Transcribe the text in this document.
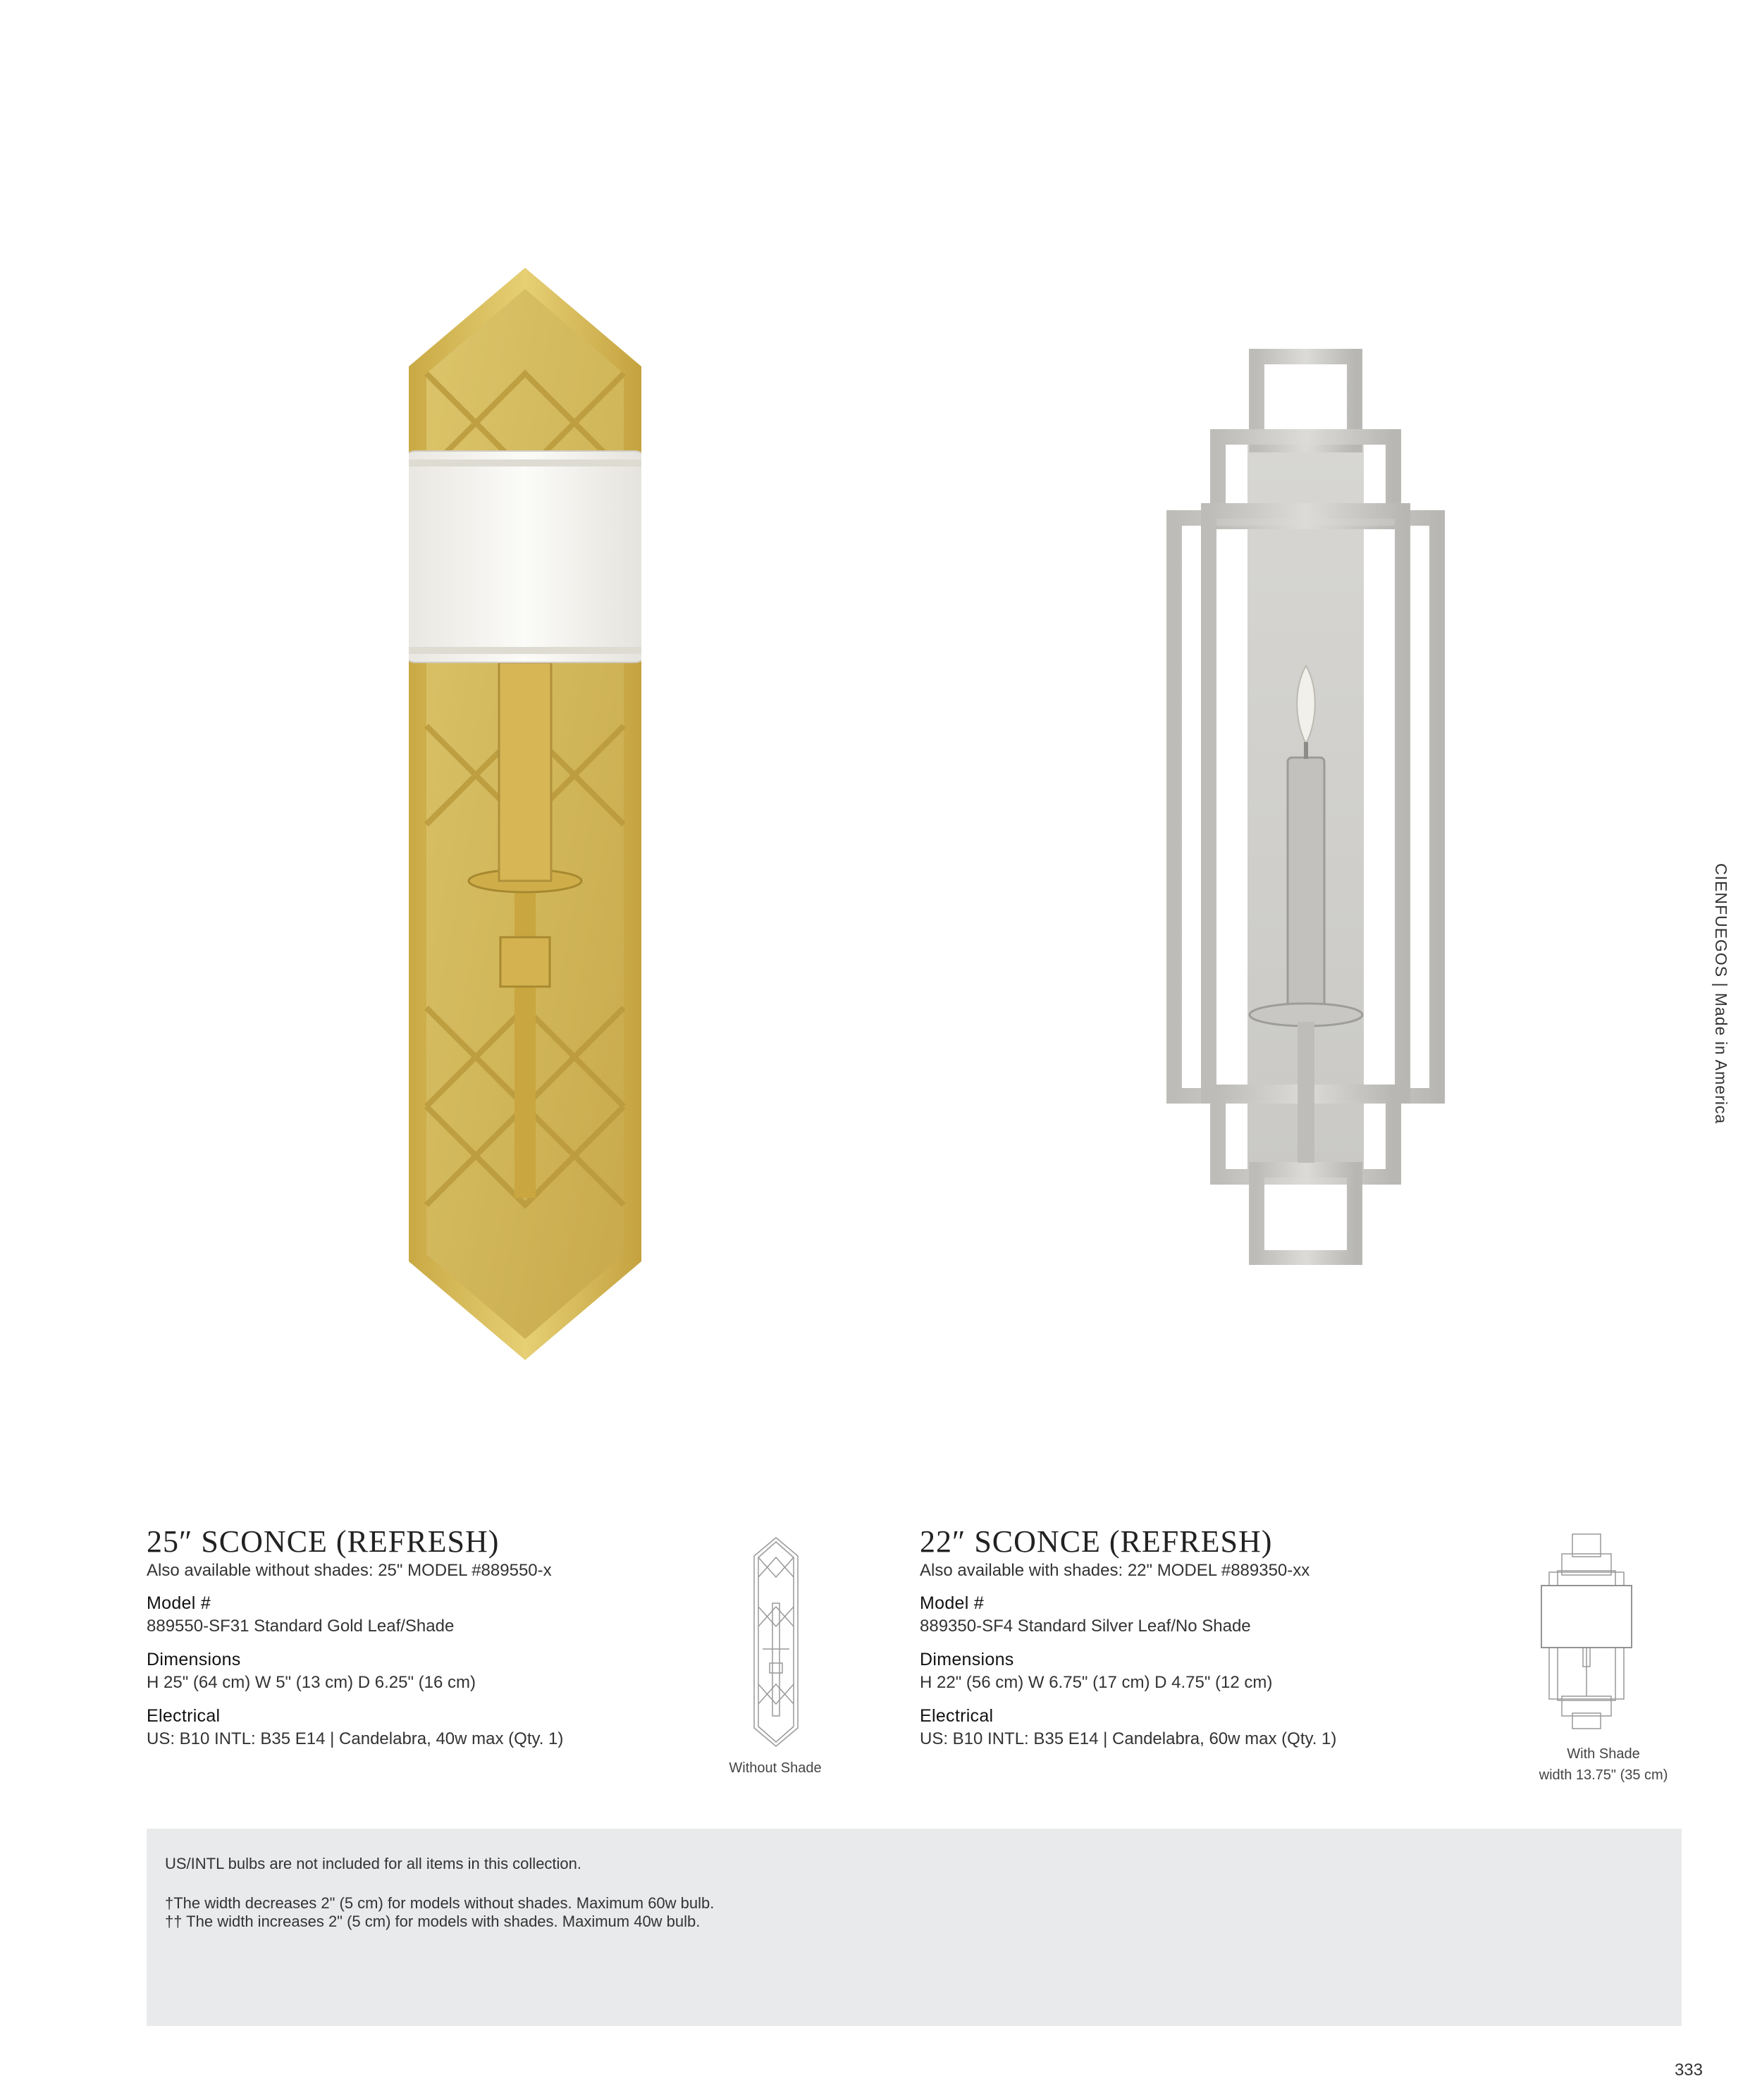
25″ SCONCE (REFRESH)
Also available without shades: 25" MODEL #889550-x
Model #
889550-SF31 Standard Gold Leaf/Shade
Dimensions
H 25" (64 cm) W 5" (13 cm) D 6.25" (16 cm)
Electrical
US: B10 INTL: B35 E14 | Candelabra, 40w max (Qty. 1)
Without Shade
22″ SCONCE (REFRESH)
Also available with shades: 22" MODEL #889350-xx
Model #
889350-SF4 Standard Silver Leaf/No Shade
Dimensions
H 22" (56 cm) W 6.75" (17 cm) D 4.75" (12 cm)
Electrical
US: B10 INTL: B35 E14 | Candelabra, 60w max (Qty. 1)
With Shade
width 13.75" (35 cm)
CIENFUEGOS | Made in America
US/INTL bulbs are not included for all items in this collection.
†The width decreases 2" (5 cm) for models without shades. Maximum 60w bulb.
†† The width increases 2" (5 cm) for models with shades. Maximum 40w bulb.
333
